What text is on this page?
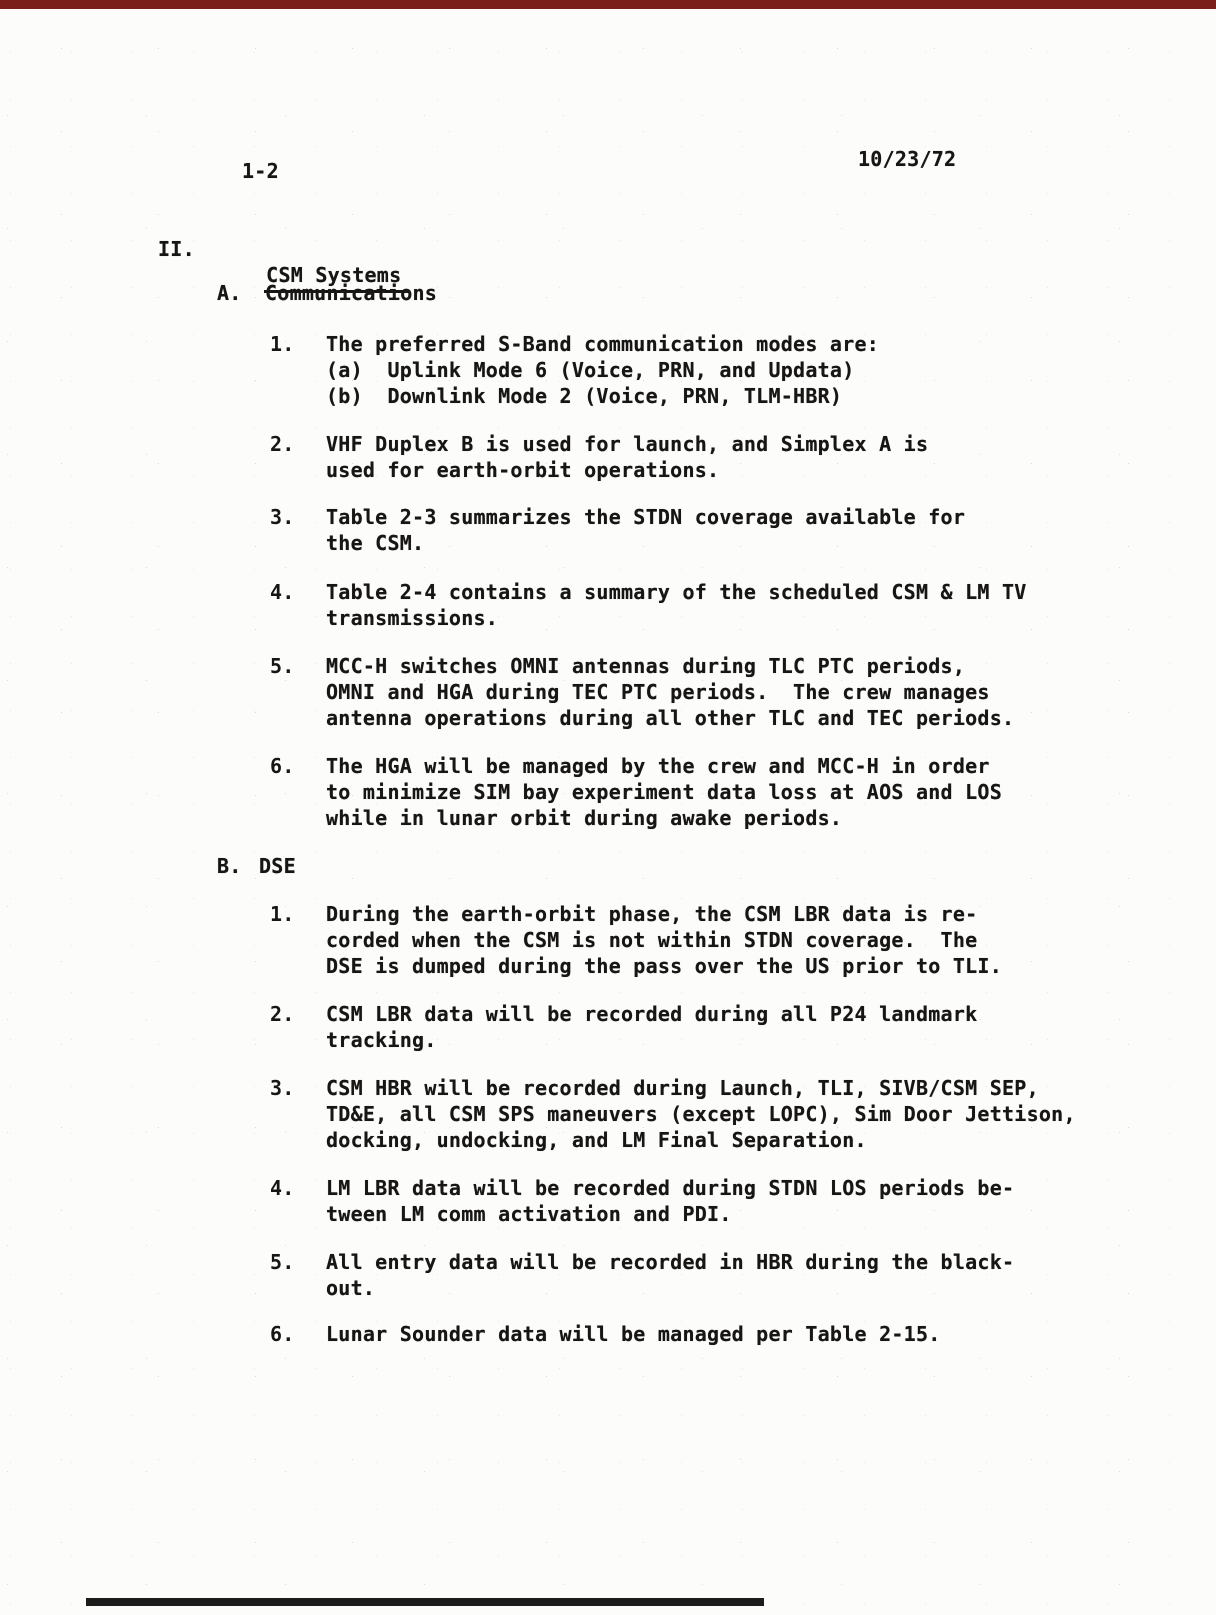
1-2	10/23/72
II.

CSM Systems

A. Communications
1.	The preferred S-Band communication modes are:
(a)  Uplink Mode 6 (Voice, PRN, and Updata)
(b)  Downlink Mode 2 (Voice, PRN, TLM-HBR)
2.	VHF Duplex B is used for launch, and Simplex A is
used for earth-orbit operations.
3.	Table 2-3 summarizes the STDN coverage available for
the CSM.
4.	Table 2-4 contains a summary of the scheduled CSM & LM TV
transmissions.
5.	MCC-H switches OMNI antennas during TLC PTC periods,
OMNI and HGA during TEC PTC periods.  The crew manages
antenna operations during all other TLC and TEC periods.
6.	The HGA will be managed by the crew and MCC-H in order
to minimize SIM bay experiment data loss at AOS and LOS
while in lunar orbit during awake periods.
B. DSE
1.	During the earth-orbit phase, the CSM LBR data is re-
corded when the CSM is not within STDN coverage.  The
DSE is dumped during the pass over the US prior to TLI.
2.	CSM LBR data will be recorded during all P24 landmark
tracking.
3.	CSM HBR will be recorded during Launch, TLI, SIVB/CSM SEP,
TD&E, all CSM SPS maneuvers (except LOPC), Sim Door Jettison,
docking, undocking, and LM Final Separation.
4.	LM LBR data will be recorded during STDN LOS periods be-
tween LM comm activation and PDI.
5.	All entry data will be recorded in HBR during the black-
out.
6.	Lunar Sounder data will be managed per Table 2-15.
